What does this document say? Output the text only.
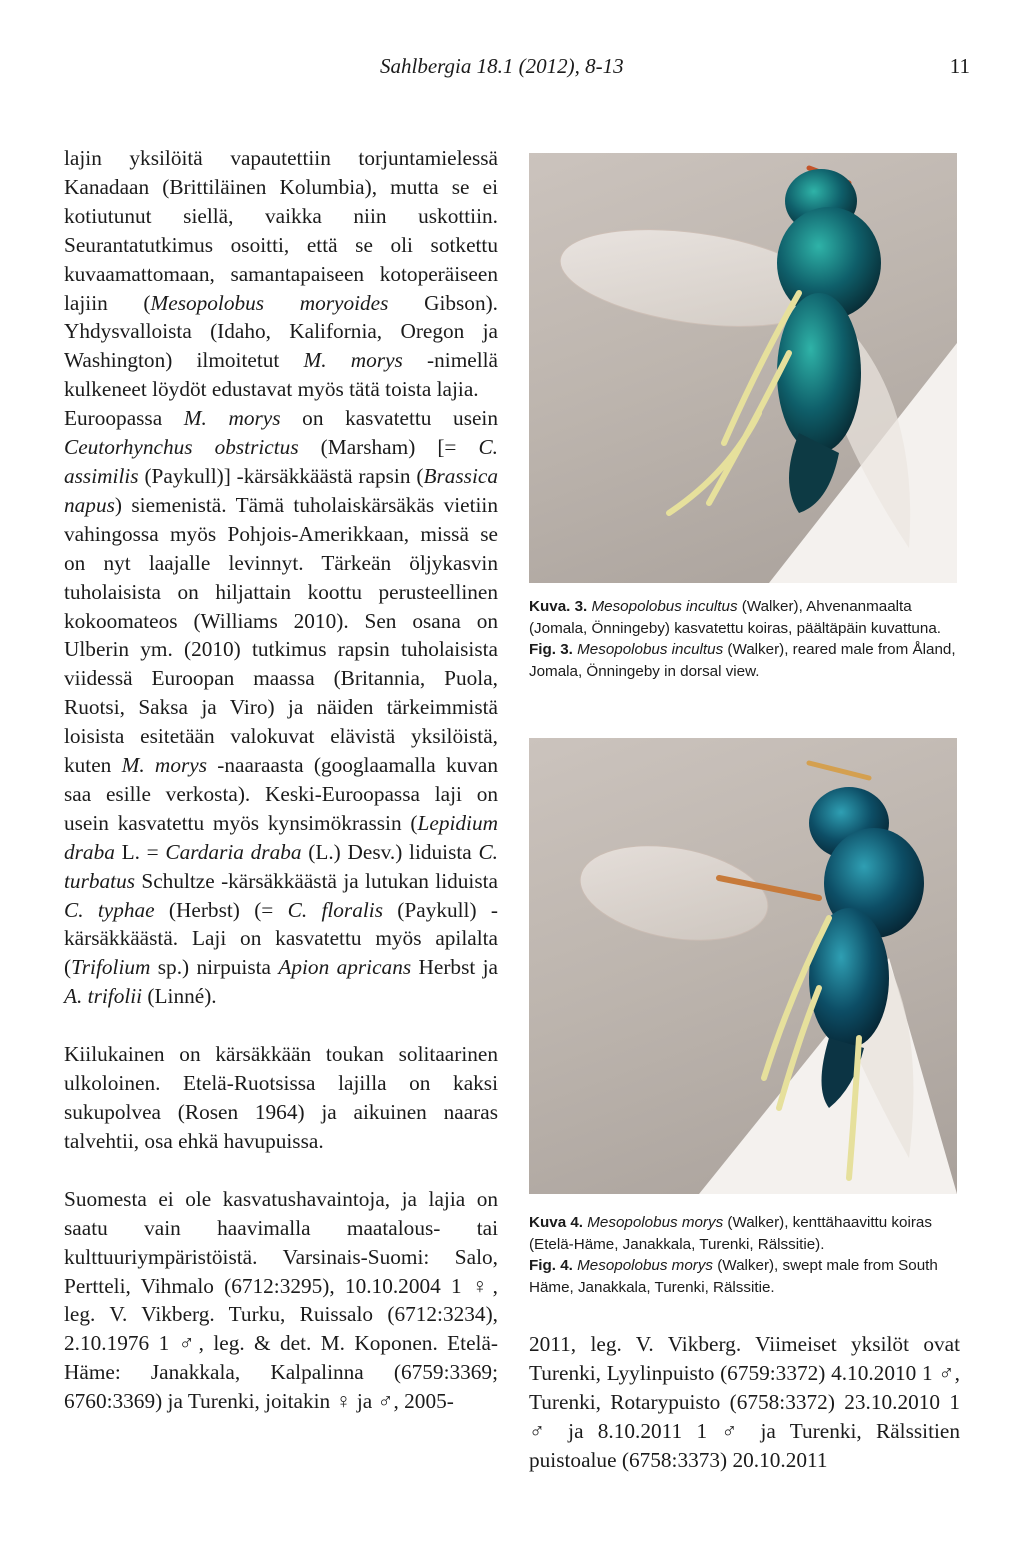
Sahlbergia 18.1 (2012), 8-13	11

lajin yksilöitä vapautettiin torjuntamielessä Kanadaan (Brittiläinen Kolumbia), mutta se ei kotiutunut siellä, vaikka niin uskottiin. Seurantatutkimus osoitti, että se oli sotkettu kuvaamattomaan, samantapaiseen kotoperäiseen lajiin (Mesopolobus moryoides Gibson). Yhdysvalloista (Idaho, Kalifornia, Oregon ja Washington) ilmoitetut M. morys -nimellä kulkeneet löydöt edustavat myös tätä toista lajia.

Euroopassa M. morys on kasvatettu usein Ceutorhynchus obstrictus (Marsham) [= C. assimilis (Paykull)] -kärsäkkäästä rapsin (Brassica napus) siemenistä. Tämä tuholaiskärsäkäs vietiin vahingossa myös Pohjois-Amerikkaan, missä se on nyt laajalle levinnyt. Tärkeän öljykasvin tuholaisista on hiljattain koottu perusteellinen kokoomateos (Williams 2010). Sen osana on Ulberin ym. (2010) tutkimus rapsin tuholaisista viidessä Euroopan maassa (Britannia, Puola, Ruotsi, Saksa ja Viro) ja näiden tärkeimmistä loisista esitetään valokuvat elävistä yksilöistä, kuten M. morys -naaraasta (googlaamalla kuvan saa esille verkosta). Keski-Euroopassa laji on usein kasvatettu myös kynsimökrassin (Lepidium draba L. = Cardaria draba (L.) Desv.) liduista C. turbatus Schultze -kärsäkkäästä ja lutukan liduista C. typhae (Herbst) (= C. floralis (Paykull) -kärsäkkäästä. Laji on kasvatettu myös apilalta (Trifolium sp.) nirpuista Apion apricans Herbst ja A. trifolii (Linné).

Kiilukainen on kärsäkkään toukan solitaarinen ulkoloinen. Etelä-Ruotsissa lajilla on kaksi sukupolvea (Rosen 1964) ja aikuinen naaras talvehtii, osa ehkä havupuissa.

Suomesta ei ole kasvatushavaintoja, ja lajia on saatu vain haavimalla maatalous- tai kulttuuriympäristöistä. Varsinais-Suomi: Salo, Pertteli, Vihmalo (6712:3295), 10.10.2004 1 ♀, leg. V. Vikberg. Turku, Ruissalo (6712:3234), 2.10.1976 1 ♂, leg. & det. M. Koponen. Etelä-Häme: Janakkala, Kalpalinna (6759:3369; 6760:3369) ja Turenki, joitakin ♀ ja ♂, 2005-

Kuva. 3. Mesopolobus incultus (Walker), Ahvenanmaalta (Jomala, Önningeby) kasvatettu koiras, päältäpäin kuvattuna.

Fig. 3. Mesopolobus incultus (Walker), reared male from Åland, Jomala, Önningeby in dorsal view.

Kuva 4. Mesopolobus morys (Walker), kenttähaavittu koiras (Etelä-Häme, Janakkala, Turenki, Rälssitie).

Fig. 4. Mesopolobus morys (Walker), swept male from South Häme, Janakkala, Turenki, Rälssitie.

2011, leg. V. Vikberg. Viimeiset yksilöt ovat Turenki, Lyylinpuisto (6759:3372) 4.10.2010 1 ♂, Turenki, Rotarypuisto (6758:3372) 23.10.2010 1 ♂ ja 8.10.2011 1 ♂ ja Turenki, Rälssitien puistoalue (6758:3373) 20.10.2011
